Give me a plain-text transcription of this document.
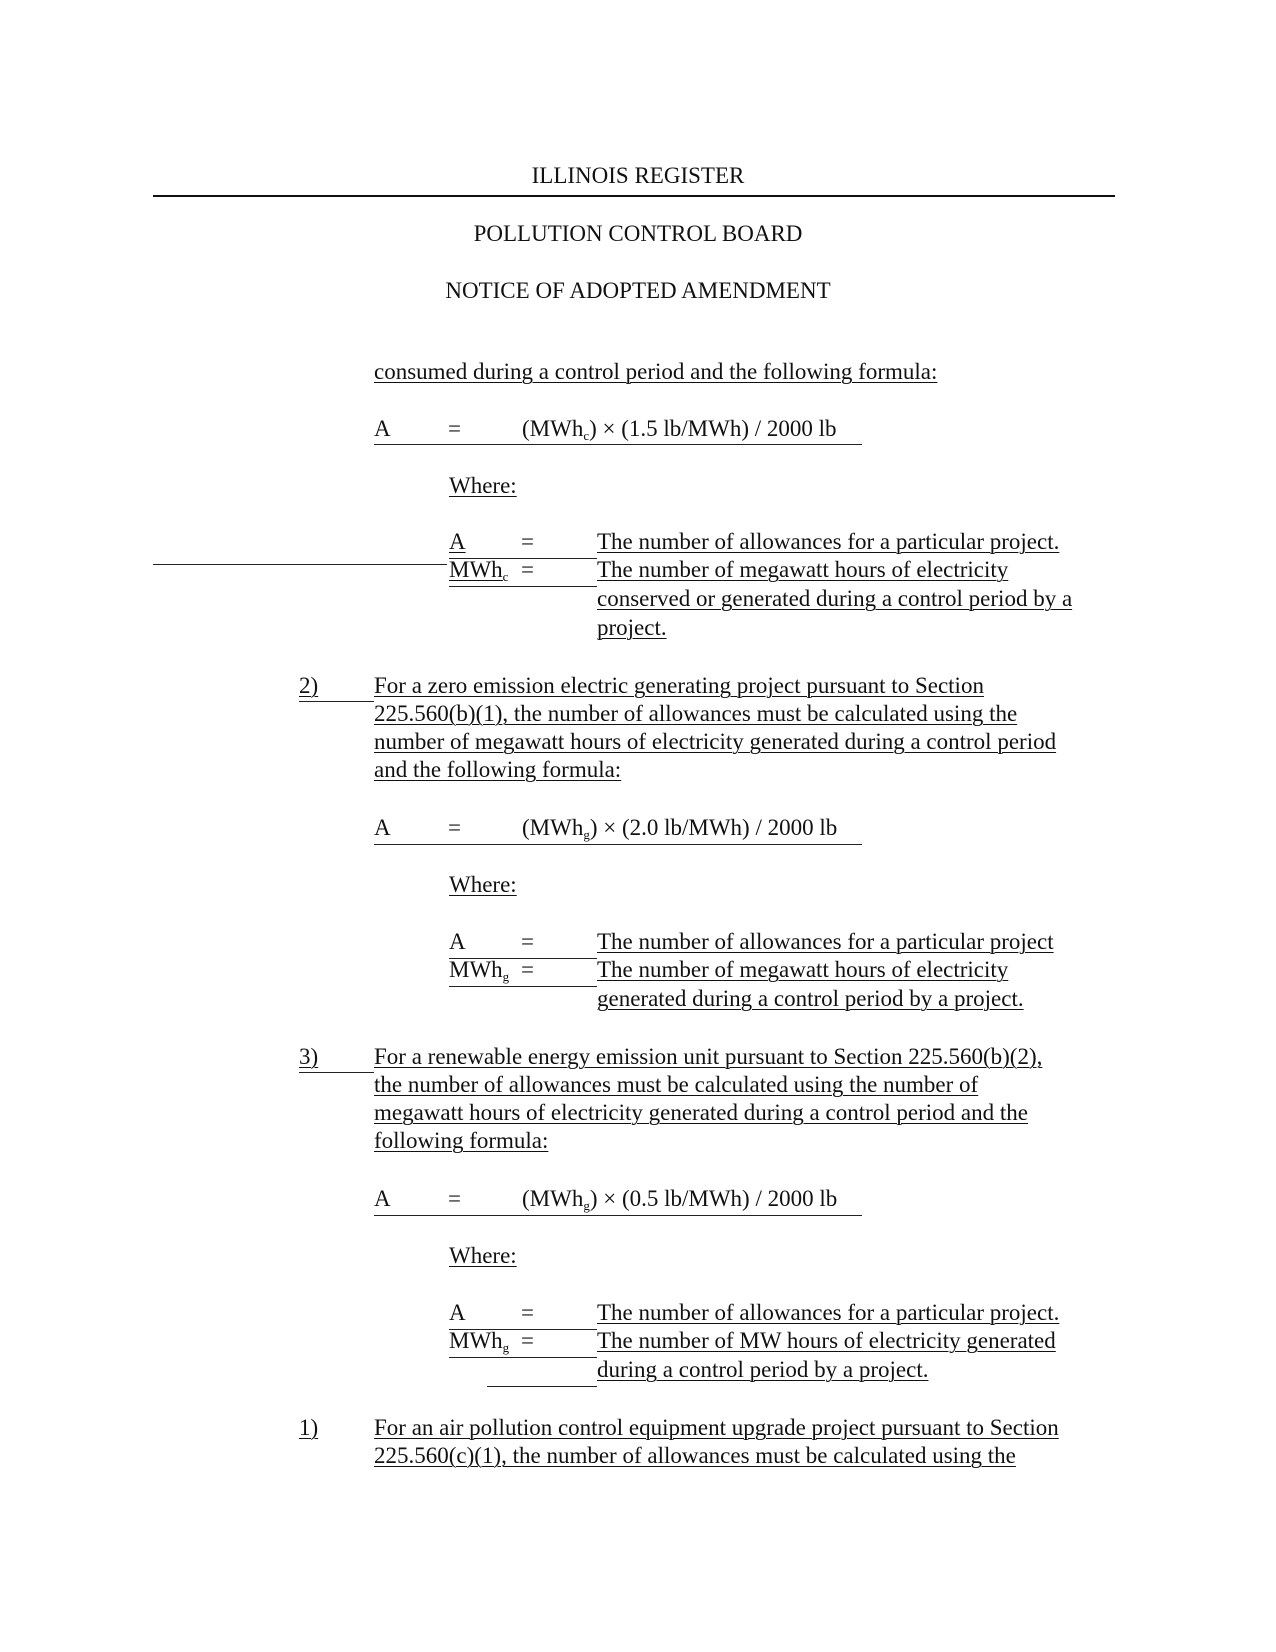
ILLINOIS REGISTER
POLLUTION CONTROL BOARD
NOTICE OF ADOPTED AMENDMENT
consumed during a control period and the following formula:
A =	(MWh$_c$) × (1.5 lb/MWh) / 2000 lb
Where:
A =	The number of allowances for a particular project.
MWh$_c$ =	The number of megawatt hours of electricity
conserved or generated during a control period by a
project.
2) For a zero emission electric generating project pursuant to Section
225.560(b)(1), the number of allowances must be calculated using the
number of megawatt hours of electricity generated during a control period
and the following formula:
A =	(MWh$_g$) × (2.0 lb/MWh) / 2000 lb
Where:
A =	The number of allowances for a particular project
MWh$_g$ =	The number of megawatt hours of electricity
generated during a control period by a project.
3) For a renewable energy emission unit pursuant to Section 225.560(b)(2),
the number of allowances must be calculated using the number of
megawatt hours of electricity generated during a control period and the
following formula:
A =	(MWh$_g$) × (0.5 lb/MWh) / 2000 lb
Where:
A =	The number of allowances for a particular project.
MWh$_g$ =	The number of MW hours of electricity generated
during a control period by a project.
1) For an air pollution control equipment upgrade project pursuant to Section
225.560(c)(1), the number of allowances must be calculated using the
